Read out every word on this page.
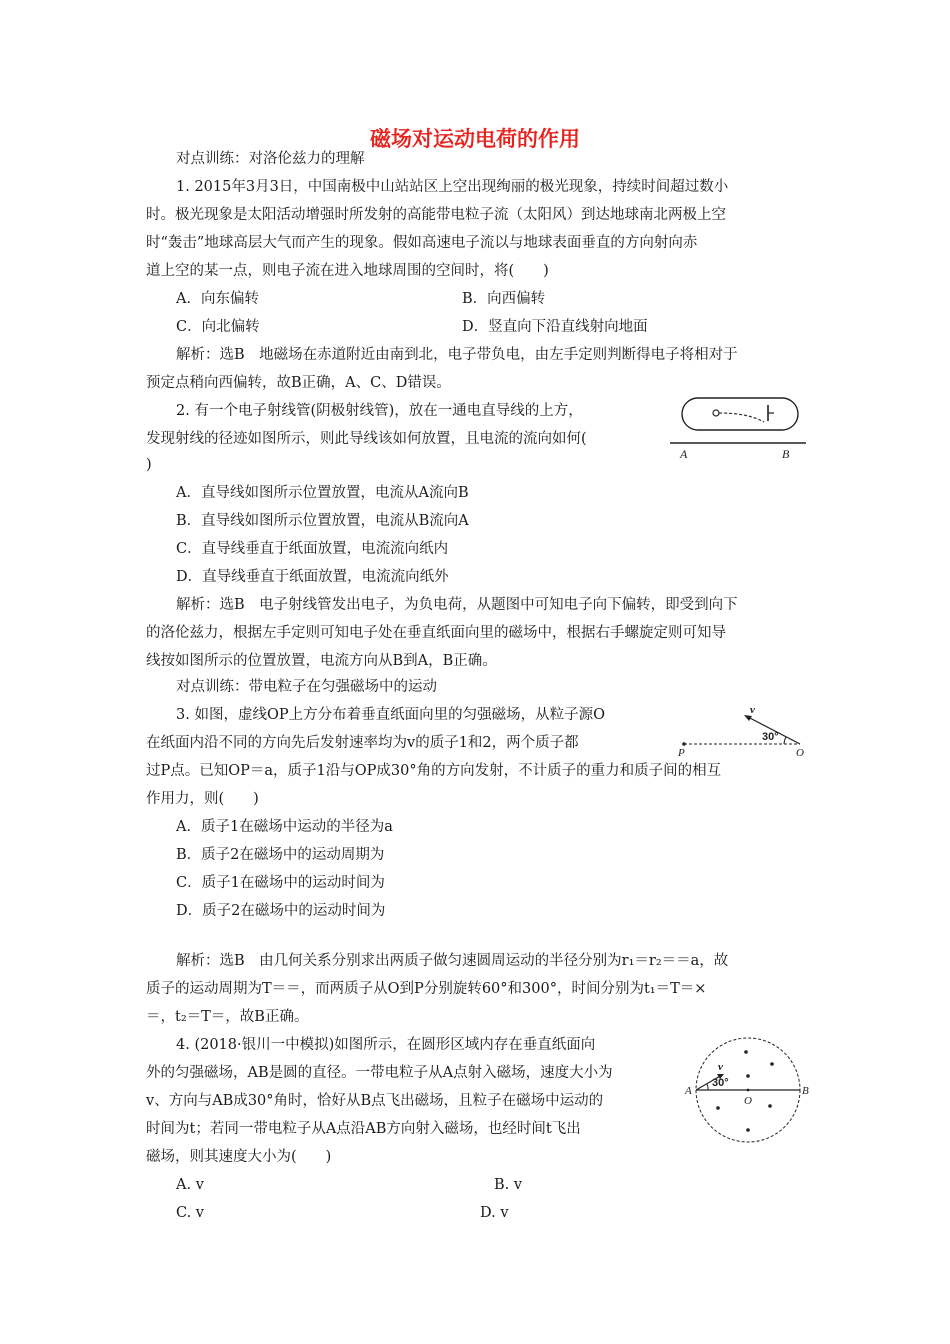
磁场对运动电荷的作用
对点训练：对洛伦兹力的理解
1. 2015年3月3日，中国南极中山站站区上空出现绚丽的极光现象，持续时间超过数小
时。极光现象是太阳活动增强时所发射的高能带电粒子流（太阳风）到达地球南北两极上空
时“轰击”地球高层大气而产生的现象。假如高速电子流以与地球表面垂直的方向射向赤
道上空的某一点，则电子流在进入地球周围的空间时，将(　　)
A．向东偏转	B．向西偏转
C．向北偏转	D．竖直向下沿直线射向地面
解析：选B　地磁场在赤道附近由南到北，电子带负电，由左手定则判断得电子将相对于
预定点稍向西偏转，故B正确，A、C、D错误。
2. 有一个电子射线管(阴极射线管)，放在一通电直导线的上方，
发现射线的径迹如图所示，则此导线该如何放置，且电流的流向如何(
)
A	B
A．直导线如图所示位置放置，电流从A流向B
B．直导线如图所示位置放置，电流从B流向A
C．直导线垂直于纸面放置，电流流向纸内
D．直导线垂直于纸面放置，电流流向纸外
解析：选B　电子射线管发出电子，为负电荷，从题图中可知电子向下偏转，即受到向下
的洛伦兹力，根据左手定则可知电子处在垂直纸面向里的磁场中，根据右手螺旋定则可知导
线按如图所示的位置放置，电流方向从B到A，B正确。
对点训练：带电粒子在匀强磁场中的运动
3. 如图，虚线OP上方分布着垂直纸面向里的匀强磁场，从粒子源O
在纸面内沿不同的方向先后发射速率均为v的质子1和2，两个质子都
过P点。已知OP＝a，质子1沿与OP成30°角的方向发射，不计质子的重力和质子间的相互
作用力，则(　　)
v
30°
P	O
A．质子1在磁场中运动的半径为a
B．质子2在磁场中的运动周期为
C．质子1在磁场中的运动时间为
D．质子2在磁场中的运动时间为
解析：选B　由几何关系分别求出两质子做匀速圆周运动的半径分别为r₁＝r₂＝＝a，故
质子的运动周期为T＝＝，而两质子从O到P分别旋转60°和300°，时间分别为t₁＝T＝×
＝，t₂＝T＝，故B正确。
4. (2018·银川一中模拟)如图所示，在圆形区域内存在垂直纸面向
外的匀强磁场，AB是圆的直径。一带电粒子从A点射入磁场，速度大小为
v、方向与AB成30°角时，恰好从B点飞出磁场，且粒子在磁场中运动的
时间为t；若同一带电粒子从A点沿AB方向射入磁场，也经时间t飞出
磁场，则其速度大小为(　　)
A	B
O
v
30°
A. v	B. v
C. v	D. v
